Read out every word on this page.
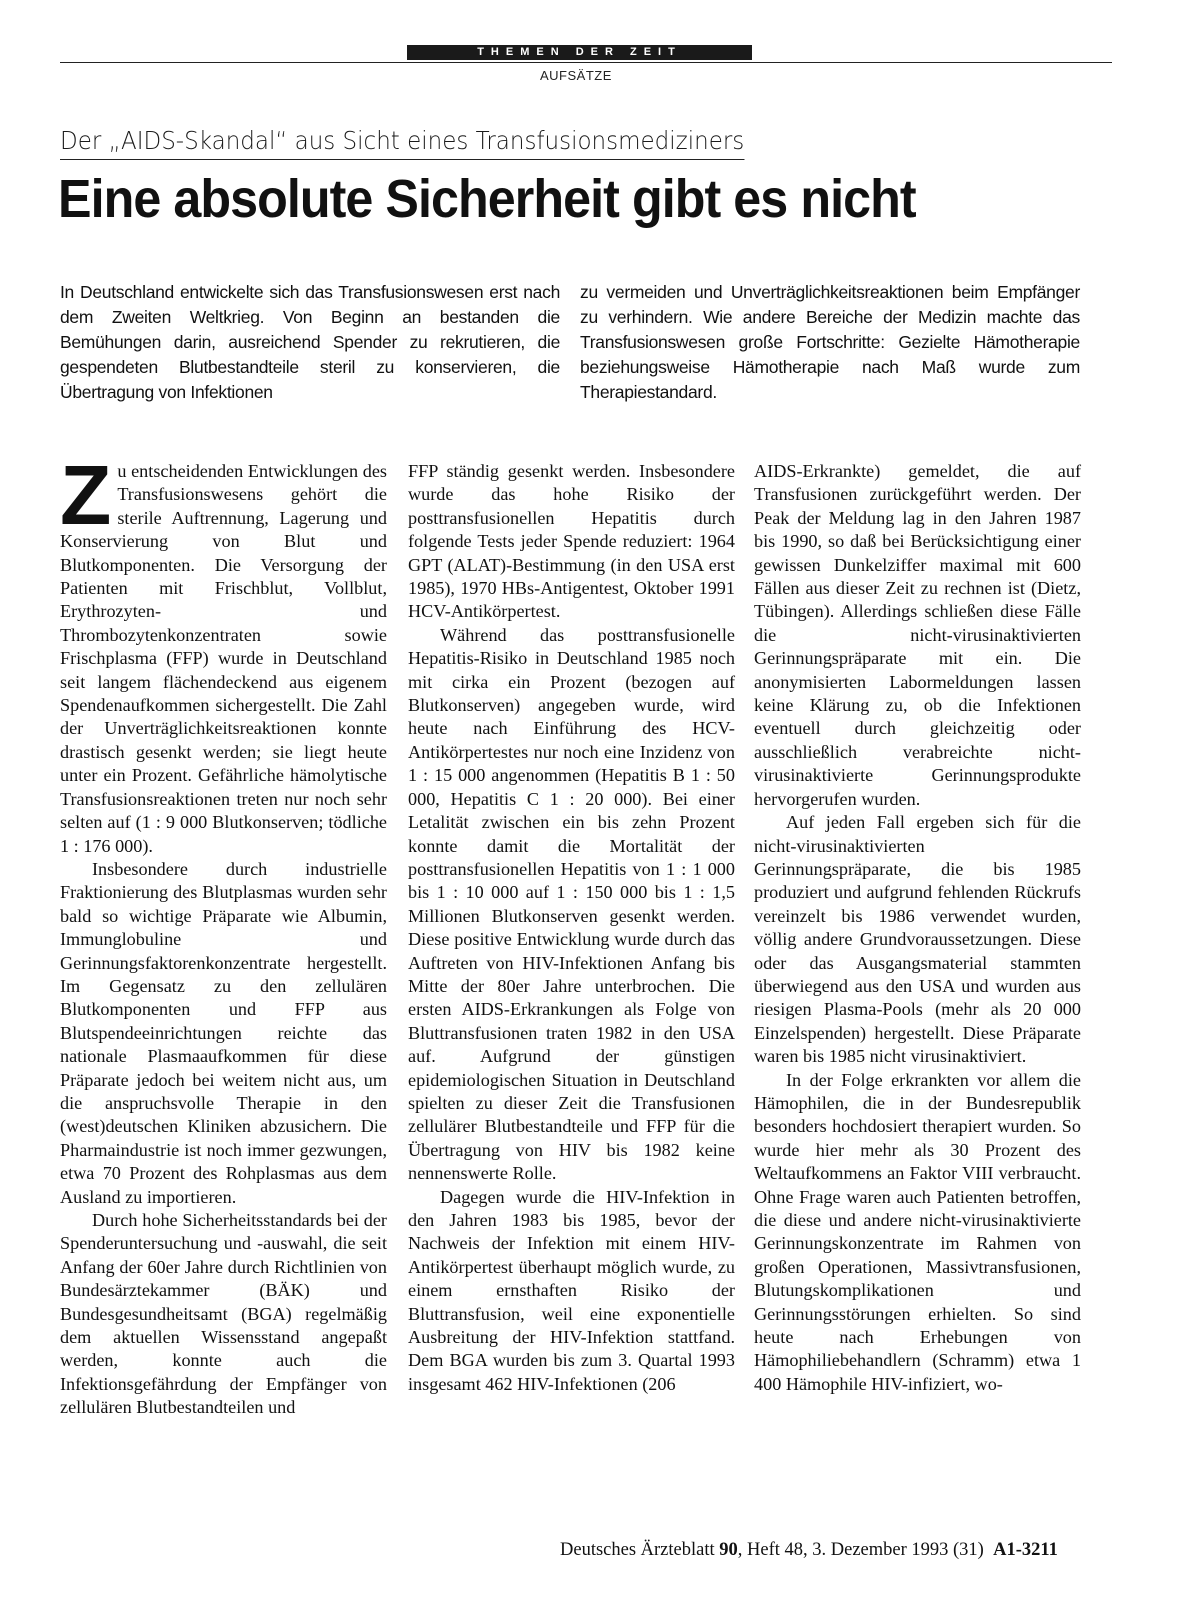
THEMEN DER ZEIT
AUFSÄTZE
Der „AIDS-Skandal“ aus Sicht eines Transfusionsmediziners
Eine absolute Sicherheit gibt es nicht
In Deutschland entwickelte sich das Transfusionswesen erst nach dem Zweiten Weltkrieg. Von Beginn an bestanden die Bemühungen darin, ausreichend Spender zu rekrutieren, die gespendeten Blutbestandteile steril zu konservieren, die Übertragung von Infektionen
zu vermeiden und Unverträglichkeitsreaktionen beim Empfänger zu verhindern. Wie andere Bereiche der Medizin machte das Transfusionswesen große Fortschritte: Gezielte Hämotherapie beziehungsweise Hämotherapie nach Maß wurde zum Therapiestandard.

Zu entscheidenden Entwicklungen des Transfusionswesens gehört die sterile Auftrennung, Lagerung und Konservierung von Blut und Blutkomponenten. Die Versorgung der Patienten mit Frischblut, Vollblut, Erythrozyten- und Thrombozytenkonzentraten sowie Frischplasma (FFP) wurde in Deutschland seit langem flächendeckend aus eigenem Spendenaufkommen sichergestellt. Die Zahl der Unverträglichkeitsreaktionen konnte drastisch gesenkt werden; sie liegt heute unter ein Prozent. Gefährliche hämolytische Transfusionsreaktionen treten nur noch sehr selten auf (1 : 9 000 Blutkonserven; tödliche 1 : 176 000).

Insbesondere durch industrielle Fraktionierung des Blutplasmas wurden sehr bald so wichtige Präparate wie Albumin, Immunglobuline und Gerinnungsfaktorenkonzentrate hergestellt. Im Gegensatz zu den zellulären Blutkomponenten und FFP aus Blutspendeeinrichtungen reichte das nationale Plasmaaufkommen für diese Präparate jedoch bei weitem nicht aus, um die anspruchsvolle Therapie in den (west)deutschen Kliniken abzusichern. Die Pharmaindustrie ist noch immer gezwungen, etwa 70 Prozent des Rohplasmas aus dem Ausland zu importieren.

Durch hohe Sicherheitsstandards bei der Spenderuntersuchung und -auswahl, die seit Anfang der 60er Jahre durch Richtlinien von Bundesärztekammer (BÄK) und Bundesgesundheitsamt (BGA) regelmäßig dem aktuellen Wissensstand angepaßt werden, konnte auch die Infektionsgefährdung der Empfänger von zellulären Blutbestandteilen und

FFP ständig gesenkt werden. Insbesondere wurde das hohe Risiko der posttransfusionellen Hepatitis durch folgende Tests jeder Spende reduziert: 1964 GPT (ALAT)-Bestimmung (in den USA erst 1985), 1970 HBs-Antigentest, Oktober 1991 HCV-Antikörpertest.

Während das posttransfusionelle Hepatitis-Risiko in Deutschland 1985 noch mit cirka ein Prozent (bezogen auf Blutkonserven) angegeben wurde, wird heute nach Einführung des HCV-Antikörpertestes nur noch eine Inzidenz von 1 : 15 000 angenommen (Hepatitis B 1 : 50 000, Hepatitis C 1 : 20 000). Bei einer Letalität zwischen ein bis zehn Prozent konnte damit die Mortalität der posttransfusionellen Hepatitis von 1 : 1 000 bis 1 : 10 000 auf 1 : 150 000 bis 1 : 1,5 Millionen Blutkonserven gesenkt werden. Diese positive Entwicklung wurde durch das Auftreten von HIV-Infektionen Anfang bis Mitte der 80er Jahre unterbrochen. Die ersten AIDS-Erkrankungen als Folge von Bluttransfusionen traten 1982 in den USA auf. Aufgrund der günstigen epidemiologischen Situation in Deutschland spielten zu dieser Zeit die Transfusionen zellulärer Blutbestandteile und FFP für die Übertragung von HIV bis 1982 keine nennenswerte Rolle.

Dagegen wurde die HIV-Infektion in den Jahren 1983 bis 1985, bevor der Nachweis der Infektion mit einem HIV-Antikörpertest überhaupt möglich wurde, zu einem ernsthaften Risiko der Bluttransfusion, weil eine exponentielle Ausbreitung der HIV-Infektion stattfand. Dem BGA wurden bis zum 3. Quartal 1993 insgesamt 462 HIV-Infektionen (206

AIDS-Erkrankte) gemeldet, die auf Transfusionen zurückgeführt werden. Der Peak der Meldung lag in den Jahren 1987 bis 1990, so daß bei Berücksichtigung einer gewissen Dunkelziffer maximal mit 600 Fällen aus dieser Zeit zu rechnen ist (Dietz, Tübingen). Allerdings schließen diese Fälle die nicht-virusinaktivierten Gerinnungspräparate mit ein. Die anonymisierten Labormeldungen lassen keine Klärung zu, ob die Infektionen eventuell durch gleichzeitig oder ausschließlich verabreichte nicht-virusinaktivierte Gerinnungsprodukte hervorgerufen wurden.

Auf jeden Fall ergeben sich für die nicht-virusinaktivierten Gerinnungspräparate, die bis 1985 produziert und aufgrund fehlenden Rückrufs vereinzelt bis 1986 verwendet wurden, völlig andere Grundvoraussetzungen. Diese oder das Ausgangsmaterial stammten überwiegend aus den USA und wurden aus riesigen Plasma-Pools (mehr als 20 000 Einzelspenden) hergestellt. Diese Präparate waren bis 1985 nicht virusinaktiviert.

In der Folge erkrankten vor allem die Hämophilen, die in der Bundesrepublik besonders hochdosiert therapiert wurden. So wurde hier mehr als 30 Prozent des Weltaufkommens an Faktor VIII verbraucht. Ohne Frage waren auch Patienten betroffen, die diese und andere nicht-virusinaktivierte Gerinnungskonzentrate im Rahmen von großen Operationen, Massivtransfusionen, Blutungskomplikationen und Gerinnungsstörungen erhielten. So sind heute nach Erhebungen von Hämophiliebehandlern (Schramm) etwa 1 400 Hämophile HIV-infiziert, wo-

Deutsches Ärzteblatt 90, Heft 48, 3. Dezember 1993 (31) A1-3211
